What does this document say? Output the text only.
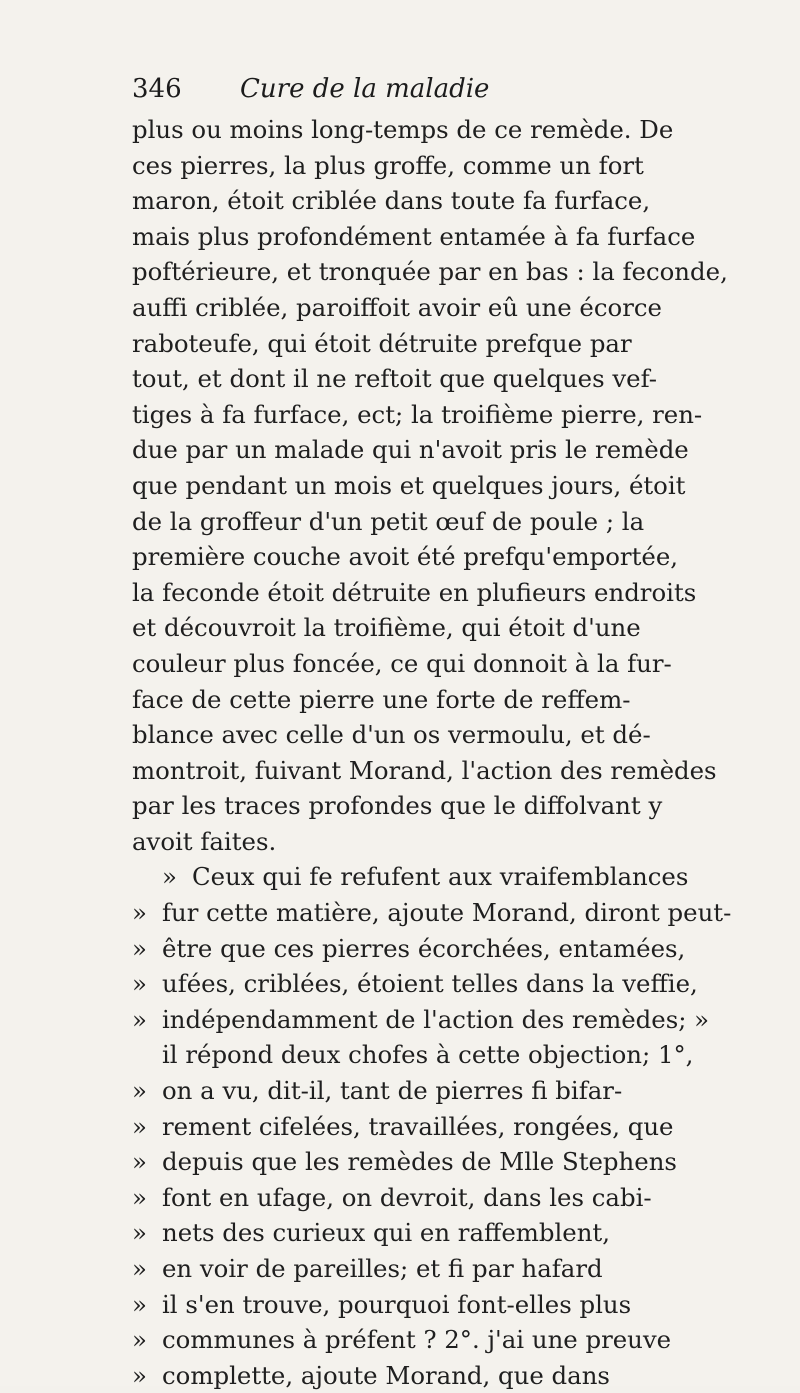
346 Cure de la maladie
plus ou moins long-temps de ce remède. De
ces pierres, la plus groffe, comme un fort
maron, étoit criblée dans toute fa furface,
mais plus profondément entamée à fa furface
poftérieure, et tronquée par en bas : la feconde,
auffi criblée, paroiffoit avoir eû une écorce
raboteufe, qui étoit détruite prefque par
tout, et dont il ne reftoit que quelques vef-
tiges à fa furface, ect; la troifième pierre, ren-
due par un malade qui n'avoit pris le remède
que pendant un mois et quelques jours, étoit
de la groffeur d'un petit œuf de poule ; la
première couche avoit été prefqu'emportée,
la feconde étoit détruite en plufieurs endroits
et découvroit la troifième, qui étoit d'une
couleur plus foncée, ce qui donnoit à la fur-
face de cette pierre une forte de reffem-
blance avec celle d'un os vermoulu, et dé-
montroit, fuivant Morand, l'action des remèdes
par les traces profondes que le diffolvant y
avoit faites.
» Ceux qui fe refufent aux vraifemblances
» fur cette matière, ajoute Morand, diront peut-
» être que ces pierres écorchées, entamées,
» ufées, criblées, étoient telles dans la veffie,
» indépendamment de l'action des remèdes; »
il répond deux chofes à cette objection; 1°,
» on a vu, dit-il, tant de pierres fi bifar-
» rement cifelées, travaillées, rongées, que
» depuis que les remèdes de Mlle Stephens
» font en ufage, on devroit, dans les cabi-
» nets des curieux qui en raffemblent,
» en voir de pareilles; et fi par hafard
» il s'en trouve, pourquoi font-elles plus
» communes à préfent ? 2°. j'ai une preuve
» complette, ajoute Morand, que dans
